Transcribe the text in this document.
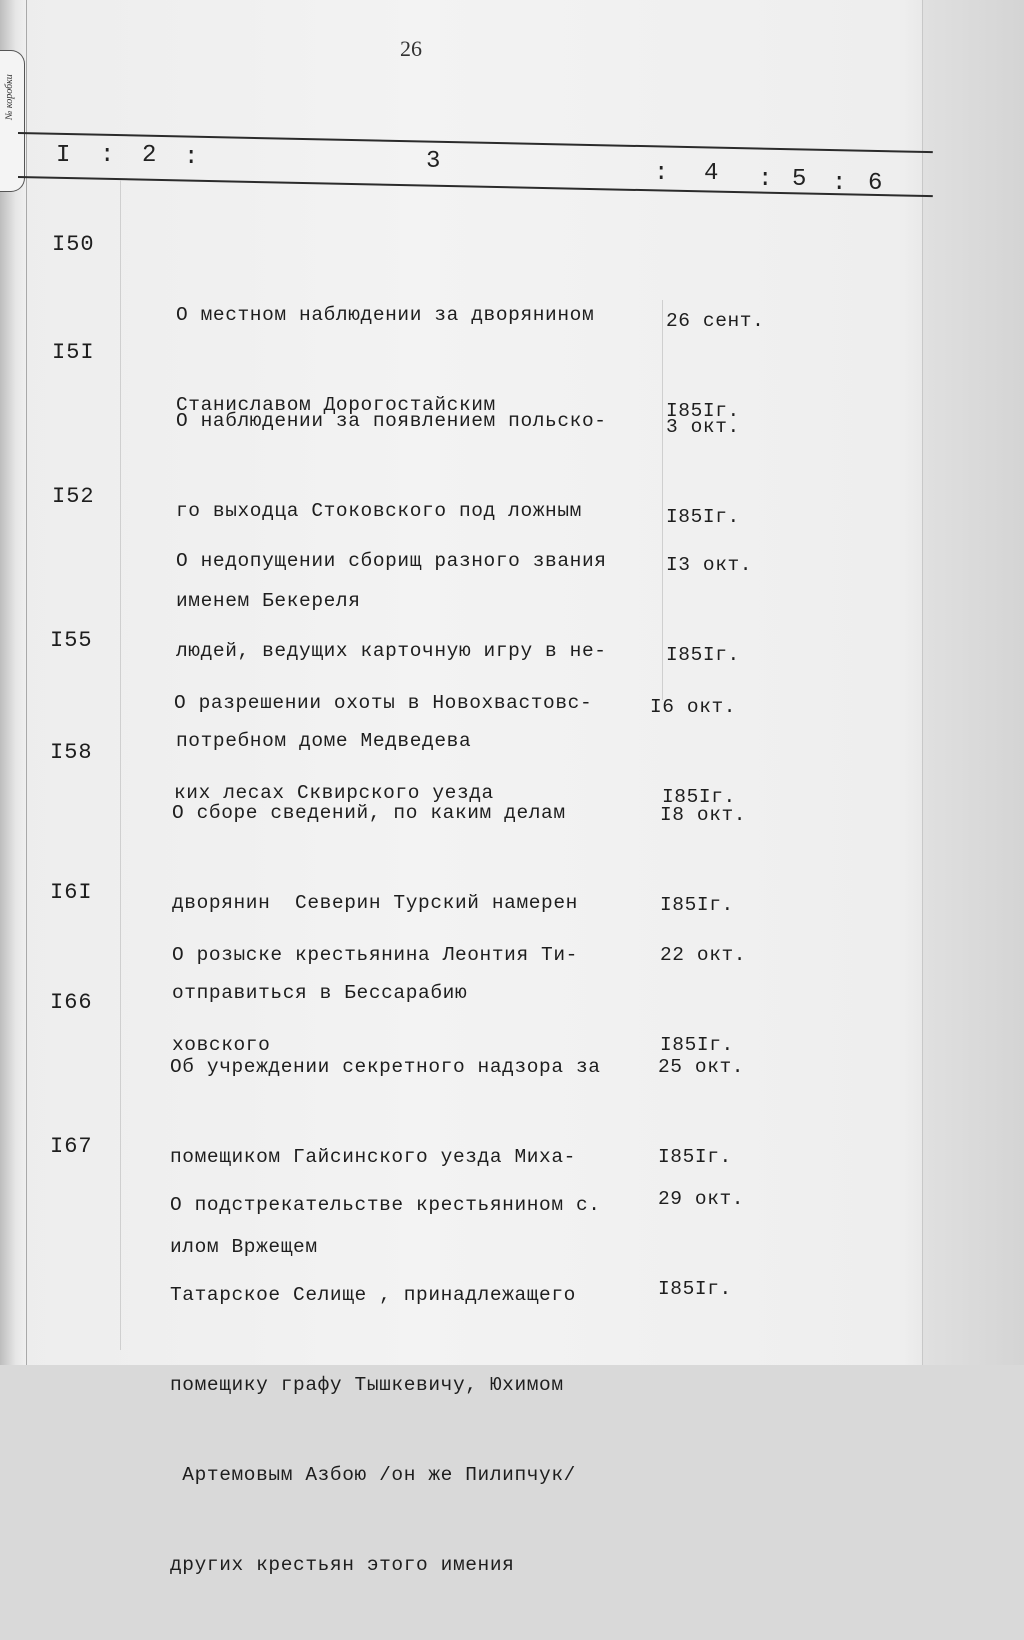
№ коробки
26
I : 2 :	3	: 4 : 5 : 6
I50

О местном наблюдении за дворянином

Станиславом Дорогостайским

26 сент.

I85Iг.

I5I

О наблюдении за появлением польско-

го выходца Стоковского под ложным

именем Бекереля

3 окт.

I85Iг.

I52

О недопущении сборищ разного звания

людей, ведущих карточную игру в не-

потребном доме Медведева

I3 окт.

I85Iг.

I55

О разрешении охоты в Новохвастовс-

ких лесах Сквирского уезда

I6 окт.

I85Iг.

I58

О сборе сведений, по каким делам

дворянин  Северин Турский намерен

отправиться в Бессарабию

I8 окт.

I85Iг.

I6I

О розыске крестьянина Леонтия Ти-

ховского

22 окт.

I85Iг.

I66

Об учреждении секретного надзора за

помещиком Гайсинского уезда Миха-

илом Вржещем

25 окт.

I85Iг.

I67

О подстрекательстве крестьянином с.

Татарское Селище , принадлежащего

помещику графу Тышкевичу, Юхимом

Артемовым Азбою /он же Пилипчук/

других крестьян этого имения

29 окт.

I85Iг.
